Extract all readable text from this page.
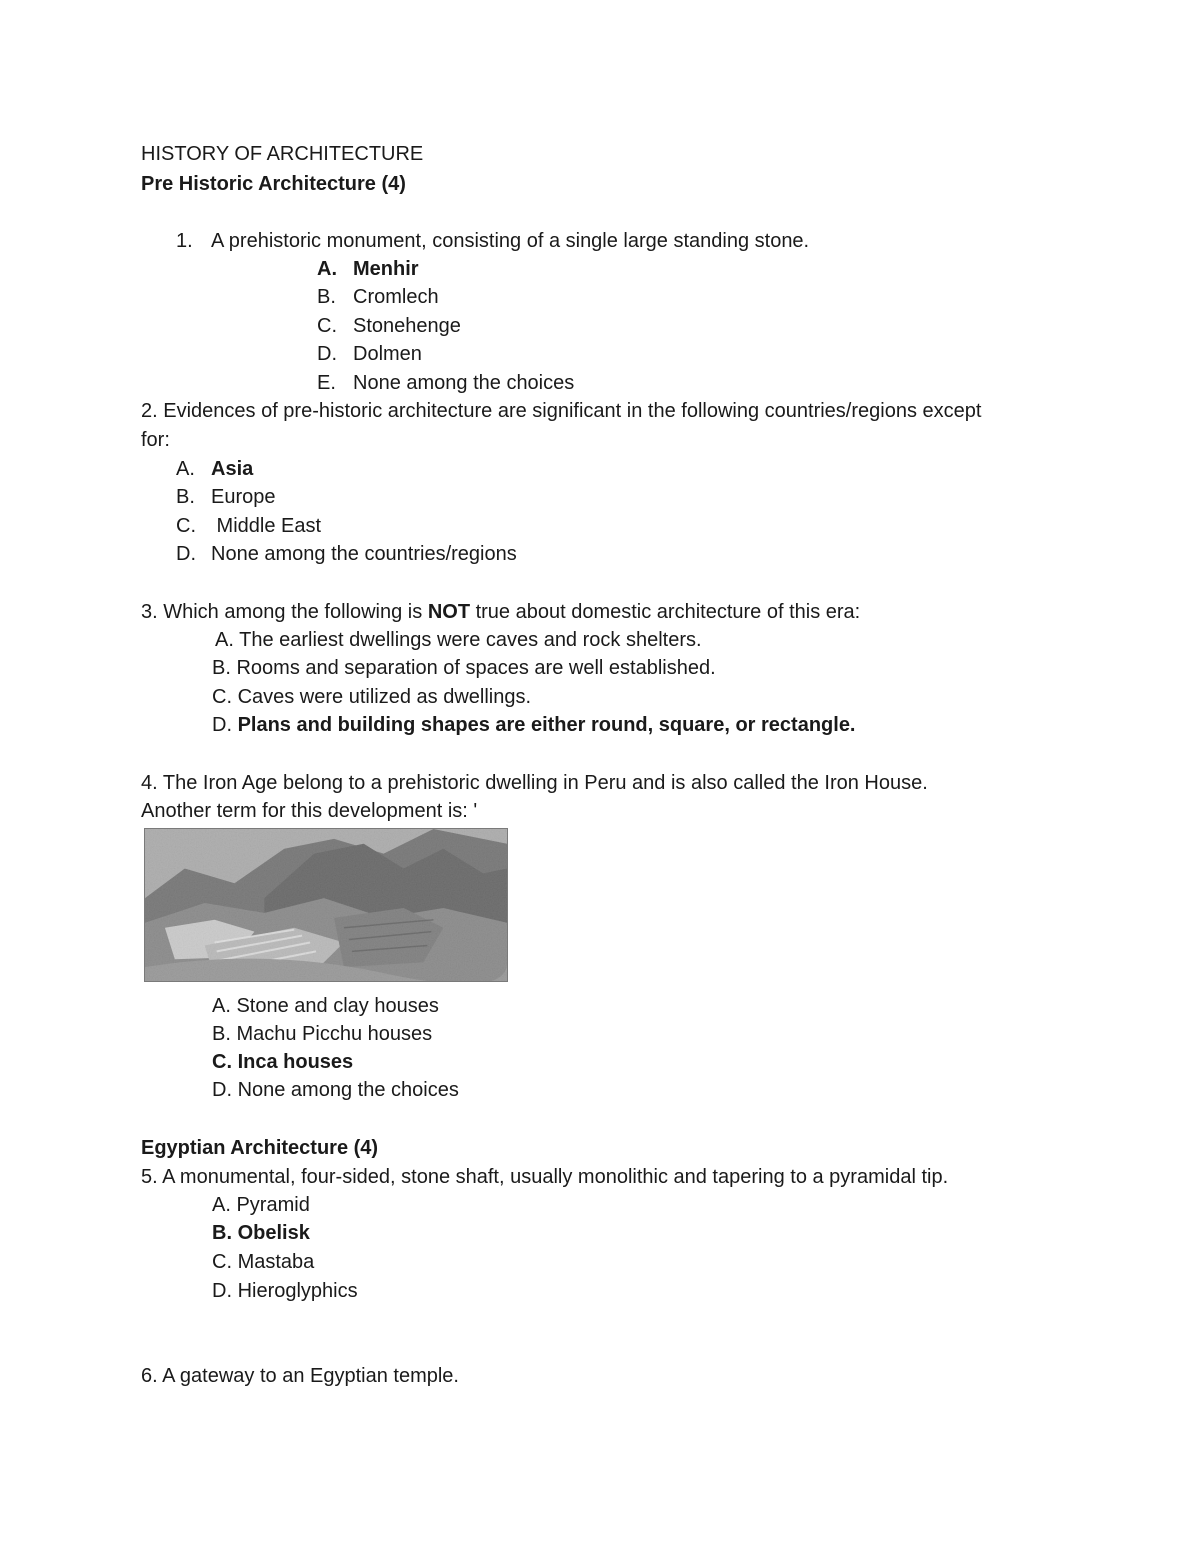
HISTORY OF ARCHITECTURE
Pre Historic Architecture (4)
1. A prehistoric monument, consisting of a single large standing stone.
A. Menhir
B. Cromlech
C. Stonehenge
D. Dolmen
E. None among the choices
2. Evidences of pre-historic architecture are significant in the following countries/regions except
for:
A. Asia
B. Europe
C. Middle East
D. None among the countries/regions
3. Which among the following is NOT true about domestic architecture of this era:
A. The earliest dwellings were caves and rock shelters.
B. Rooms and separation of spaces are well established.
C. Caves were utilized as dwellings.
D. Plans and building shapes are either round, square, or rectangle.
4. The Iron Age belong to a prehistoric dwelling in Peru and is also called the Iron House.
Another term for this development is: '
A. Stone and clay houses
B. Machu Picchu houses
C. Inca houses
D. None among the choices
Egyptian Architecture (4)
5. A monumental, four-sided, stone shaft, usually monolithic and tapering to a pyramidal tip.
A. Pyramid
B. Obelisk
C. Mastaba
D. Hieroglyphics
6. A gateway to an Egyptian temple.
